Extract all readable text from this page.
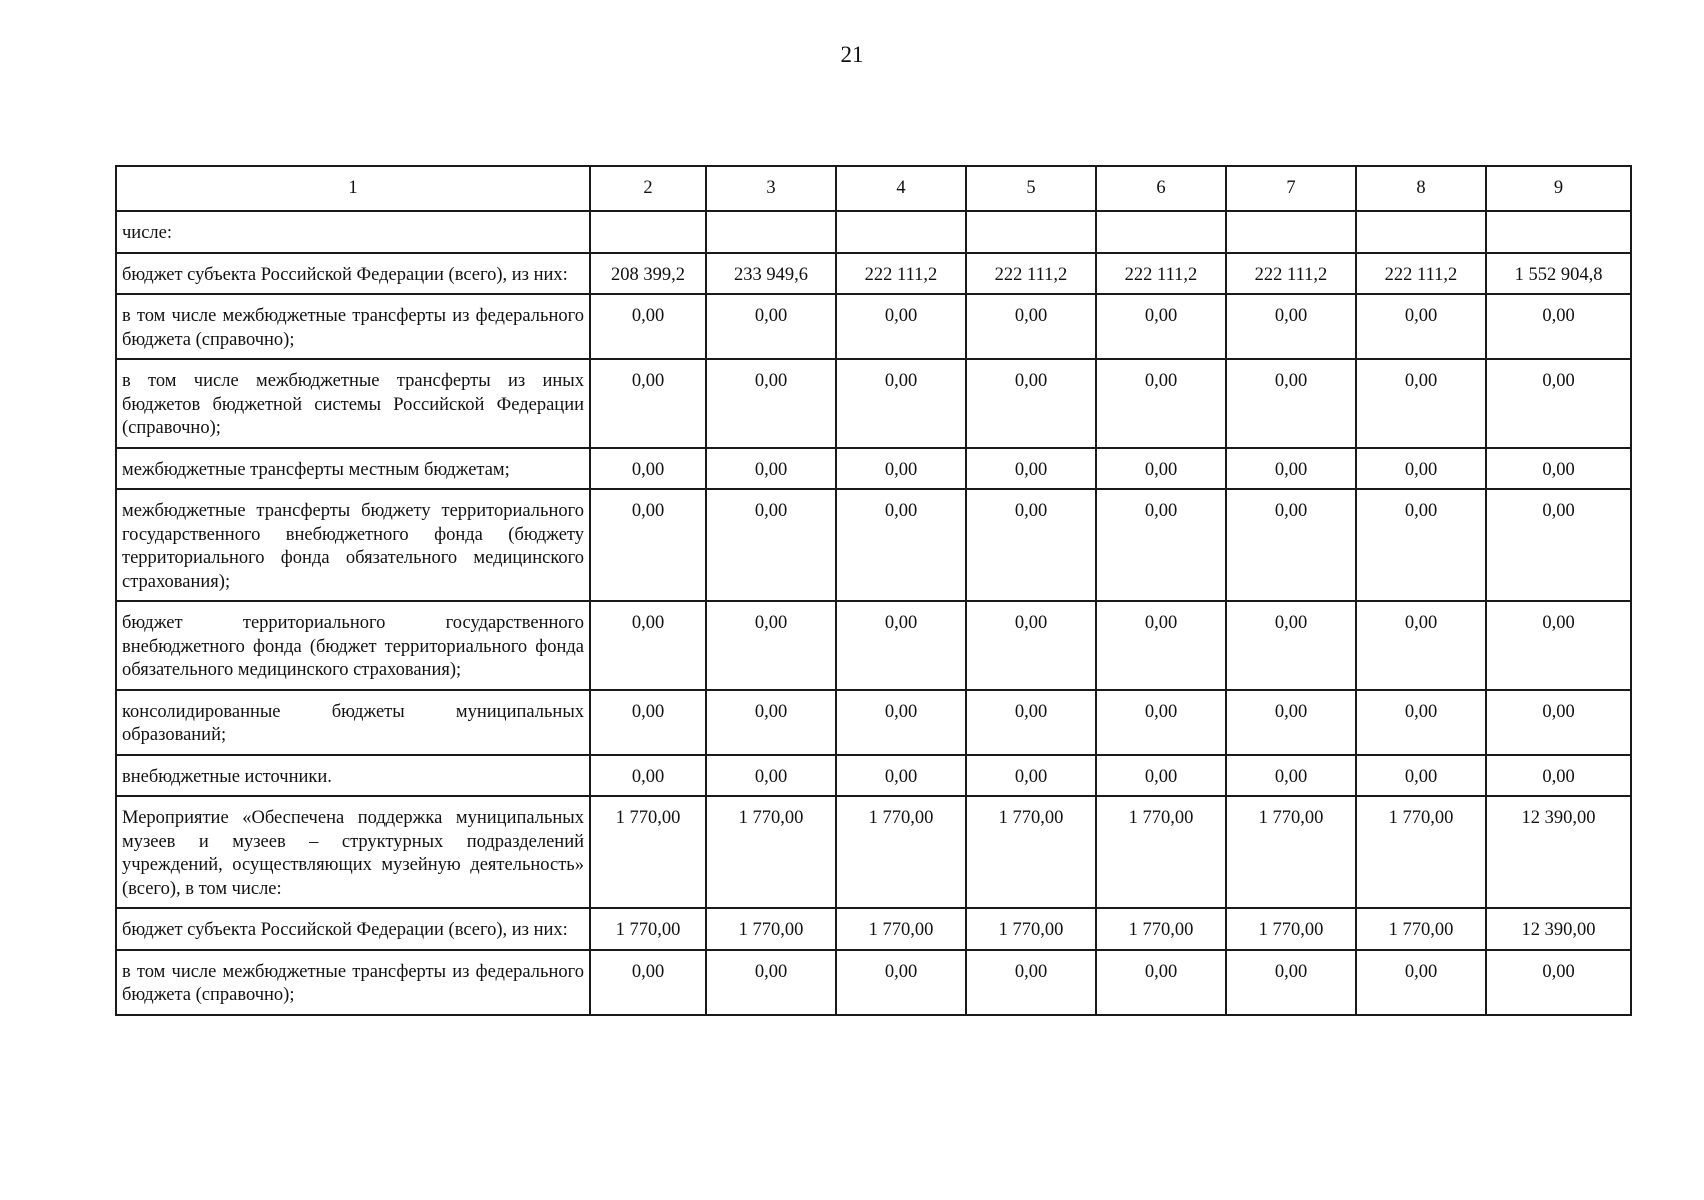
21
1	2	3	4	5	6	7	8	9
числе:								
бюджет субъекта Российской Федерации (всего), из них:	208 399,2	233 949,6	222 111,2	222 111,2	222 111,2	222 111,2	222 111,2	1 552 904,8
в том числе межбюджетные трансферты из федерального бюджета (справочно);	0,00	0,00	0,00	0,00	0,00	0,00	0,00	0,00
в том числе межбюджетные трансферты из иных бюджетов бюджетной системы Российской Федерации (справочно);	0,00	0,00	0,00	0,00	0,00	0,00	0,00	0,00
межбюджетные трансферты местным бюджетам;	0,00	0,00	0,00	0,00	0,00	0,00	0,00	0,00
межбюджетные трансферты бюджету территориального государственного внебюджетного фонда (бюджету территориального фонда обязательного медицинского страхования);	0,00	0,00	0,00	0,00	0,00	0,00	0,00	0,00
бюджет территориального государственного внебюджетного фонда (бюджет территориального фонда обязательного медицинского страхования);	0,00	0,00	0,00	0,00	0,00	0,00	0,00	0,00
консолидированные бюджеты муниципальных образований;	0,00	0,00	0,00	0,00	0,00	0,00	0,00	0,00
внебюджетные источники.	0,00	0,00	0,00	0,00	0,00	0,00	0,00	0,00
Мероприятие «Обеспечена поддержка муниципальных музеев и музеев – структурных подразделений учреждений, осуществляющих музейную деятельность» (всего), в том числе:	1 770,00	1 770,00	1 770,00	1 770,00	1 770,00	1 770,00	1 770,00	12 390,00
бюджет субъекта Российской Федерации (всего), из них:	1 770,00	1 770,00	1 770,00	1 770,00	1 770,00	1 770,00	1 770,00	12 390,00
в том числе межбюджетные трансферты из федерального бюджета (справочно);	0,00	0,00	0,00	0,00	0,00	0,00	0,00	0,00
